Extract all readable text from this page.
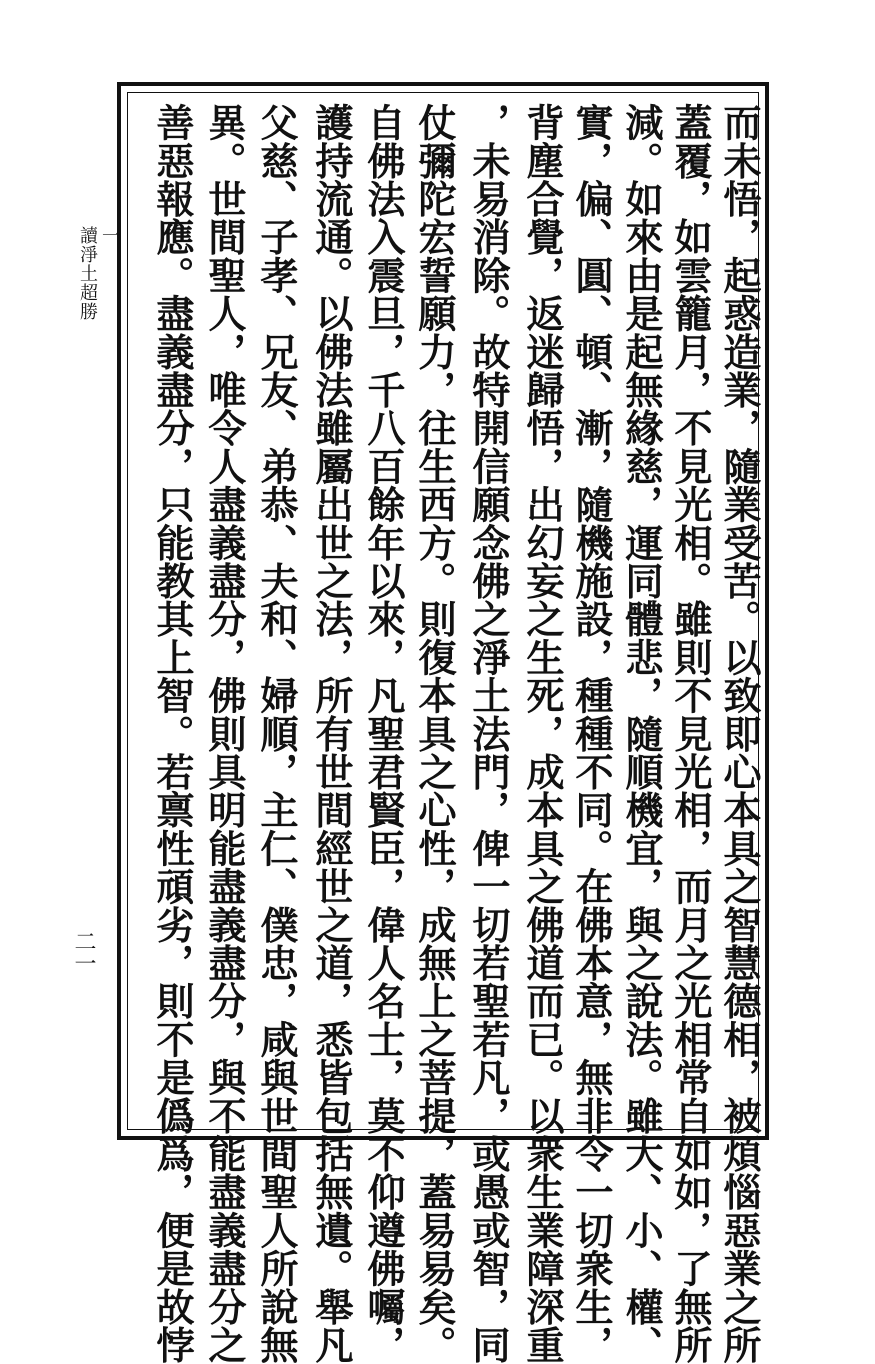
一
讀淨土超勝
二一	而未悟，起惑造業，隨業受苦。以致即心本具之智慧德相，被煩惱惡業之所
蓋覆，如雲籠月，不見光相。雖則不見光相，而月之光相常自如如，了無所
減。如來由是起無緣慈，運同體悲，隨順機宜，與之說法。雖大、小、權、
實，偏、圓、頓、漸，隨機施設，種種不同。在佛本意，無非令一切衆生，
背塵合覺，返迷歸悟，出幻妄之生死，成本具之佛道而已。以衆生業障深重
，未易消除。故特開信願念佛之淨土法門，俾一切若聖若凡，或愚或智，同
仗彌陀宏誓願力，往生西方。則復本具之心性，成無上之菩提，蓋易易矣。
自佛法入震旦，千八百餘年以來，凡聖君賢臣，偉人名士，莫不仰遵佛囑，
護持流通。以佛法雖屬出世之法，所有世間經世之道，悉皆包括無遺。舉凡
父慈、子孝、兄友、弟恭、夫和、婦順，主仁、僕忠，咸與世間聖人所說無
異。世間聖人，唯令人盡義盡分，佛則具明能盡義盡分，與不能盡義盡分之
善惡報應。盡義盡分，只能教其上智。若禀性頑劣，則不是僞爲，便是故悖
